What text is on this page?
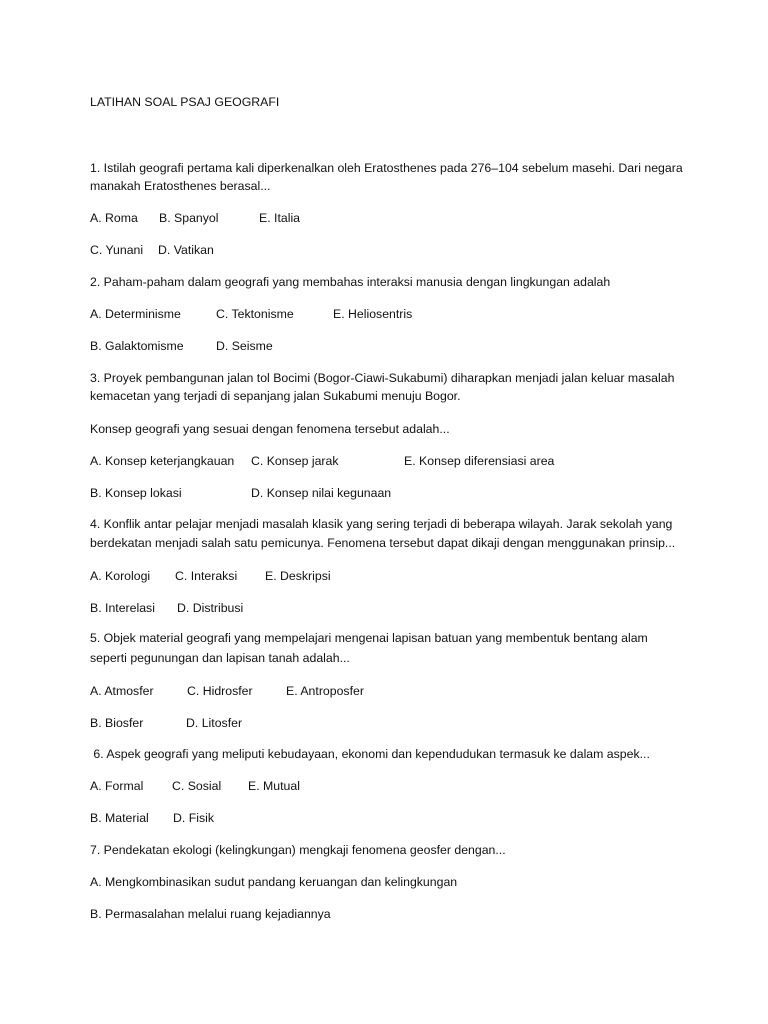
LATIHAN SOAL PSAJ GEOGRAFI
1. Istilah geografi pertama kali diperkenalkan oleh Eratosthenes pada 276–104 sebelum masehi. Dari negara
manakah Eratosthenes berasal...
A. Roma B. Spanyol	E. Italia
C. Yunani D. Vatikan
2. Paham-paham dalam geografi yang membahas interaksi manusia dengan lingkungan adalah
A. Determinisme	C. Tektonisme	E. Heliosentris
B. Galaktomisme	D. Seisme
3. Proyek pembangunan jalan tol Bocimi (Bogor-Ciawi-Sukabumi) diharapkan menjadi jalan keluar masalah
kemacetan yang terjadi di sepanjang jalan Sukabumi menuju Bogor.
Konsep geografi yang sesuai dengan fenomena tersebut adalah...
A. Konsep keterjangkauan C. Konsep jarak	E. Konsep diferensiasi area
B. Konsep lokasi	D. Konsep nilai kegunaan
4. Konflik antar pelajar menjadi masalah klasik yang sering terjadi di beberapa wilayah. Jarak sekolah yang
berdekatan menjadi salah satu pemicunya. Fenomena tersebut dapat dikaji dengan menggunakan prinsip...
A. Korologi C. Interaksi E. Deskripsi
B. Interelasi D. Distribusi
5. Objek material geografi yang mempelajari mengenai lapisan batuan yang membentuk bentang alam
seperti pegunungan dan lapisan tanah adalah...
A. Atmosfer	C. Hidrosfer	E. Antroposfer
B. Biosfer	D. Litosfer
6. Aspek geografi yang meliputi kebudayaan, ekonomi dan kependudukan termasuk ke dalam aspek...
A. Formal C. Sosial E. Mutual
B. Material D. Fisik
7. Pendekatan ekologi (kelingkungan) mengkaji fenomena geosfer dengan...
A. Mengkombinasikan sudut pandang keruangan dan kelingkungan
B. Permasalahan melalui ruang kejadiannya
